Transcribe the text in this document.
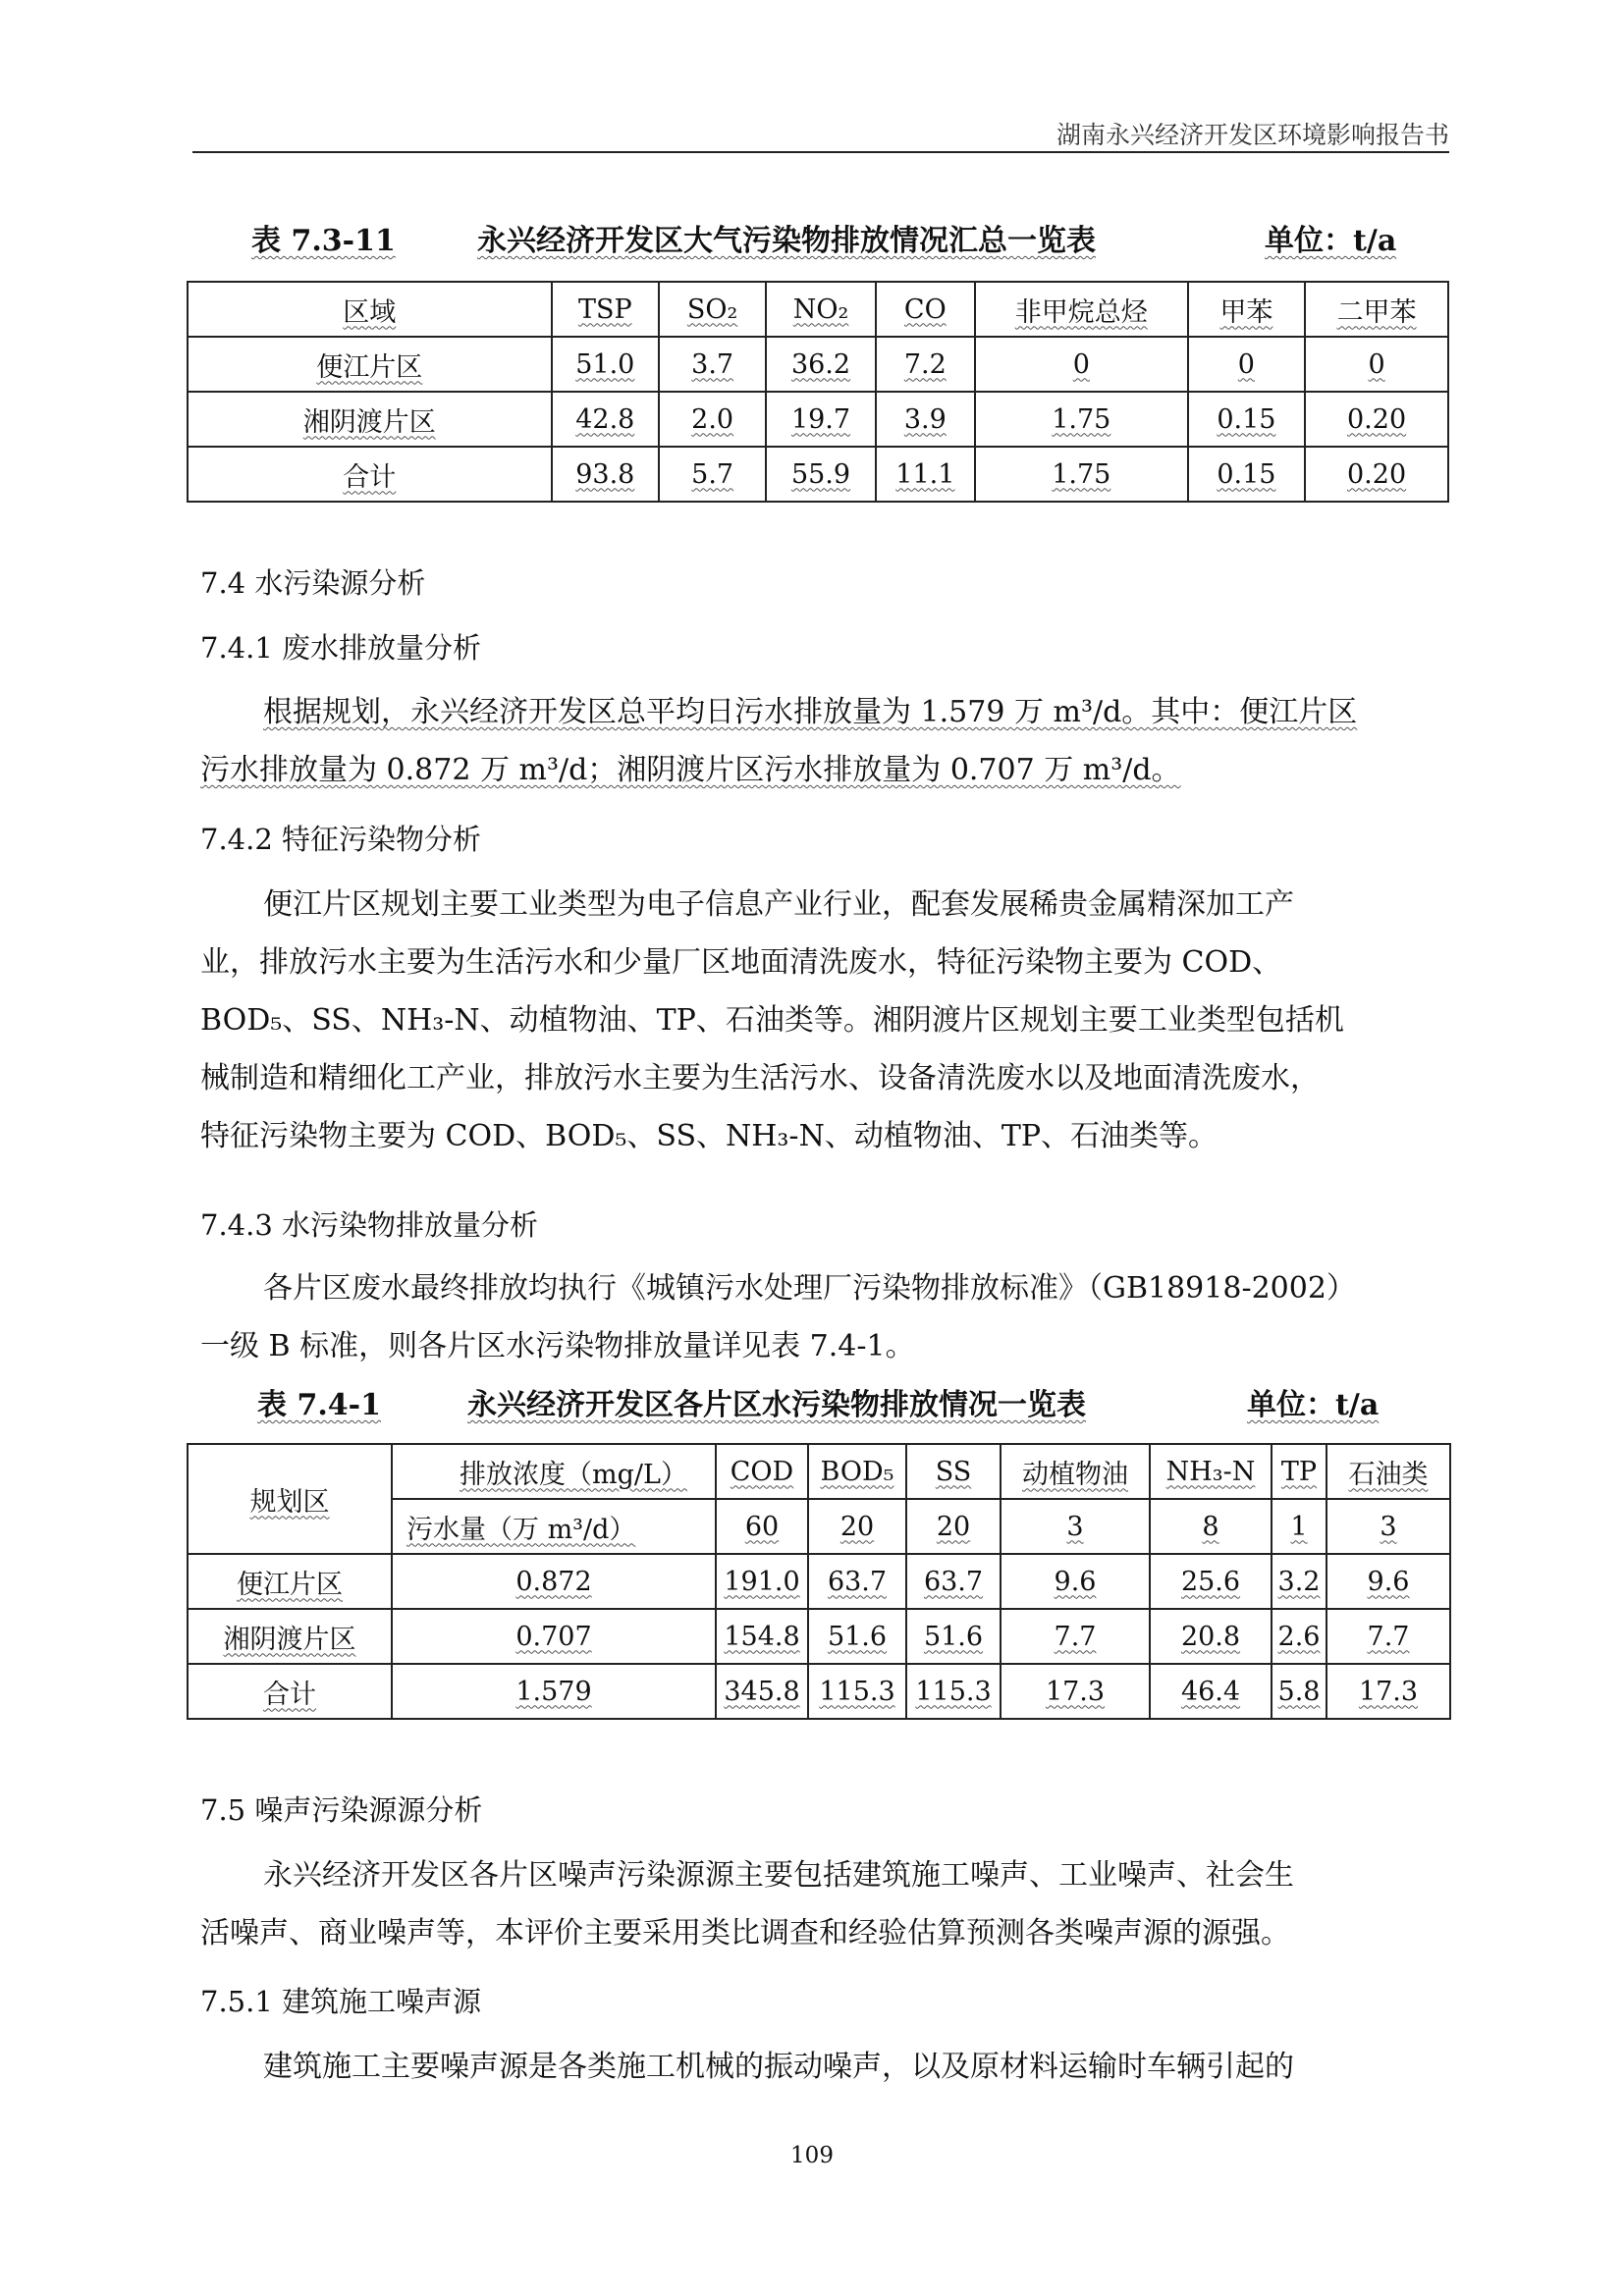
湖南永兴经济开发区环境影响报告书
表 7.3-11	永兴经济开发区大气污染物排放情况汇总一览表	单位：t/a
区域	TSP	SO₂	NO₂	CO	非甲烷总烃	甲苯	二甲苯
便江片区	51.0	3.7	36.2	7.2	0	0	0
湘阴渡片区	42.8	2.0	19.7	3.9	1.75	0.15	0.20
合计	93.8	5.7	55.9	11.1	1.75	0.15	0.20
7.4 水污染源分析
7.4.1 废水排放量分析
根据规划，永兴经济开发区总平均日污水排放量为 1.579 万 m³/d。其中：便江片区
污水排放量为 0.872 万 m³/d；湘阴渡片区污水排放量为 0.707 万 m³/d。
7.4.2 特征污染物分析
便江片区规划主要工业类型为电子信息产业行业，配套发展稀贵金属精深加工产
业，排放污水主要为生活污水和少量厂区地面清洗废水，特征污染物主要为 COD、
BOD₅、SS、NH₃-N、动植物油、TP、石油类等。湘阴渡片区规划主要工业类型包括机
械制造和精细化工产业，排放污水主要为生活污水、设备清洗废水以及地面清洗废水，
特征污染物主要为 COD、BOD₅、SS、NH₃-N、动植物油、TP、石油类等。
7.4.3 水污染物排放量分析
各片区废水最终排放均执行《城镇污水处理厂污染物排放标准》（GB18918-2002）
一级 B 标准，则各片区水污染物排放量详见表 7.4-1。
表 7.4-1	永兴经济开发区各片区水污染物排放情况一览表	单位：t/a
规划区	排放浓度（mg/L）	COD	BOD₅	SS	动植物油	NH₃-N	TP	石油类
	污水量（万 m³/d）	60	20	20	3	8	1	3
便江片区	0.872	191.0	63.7	63.7	9.6	25.6	3.2	9.6
湘阴渡片区	0.707	154.8	51.6	51.6	7.7	20.8	2.6	7.7
合计	1.579	345.8	115.3	115.3	17.3	46.4	5.8	17.3
7.5 噪声污染源源分析
永兴经济开发区各片区噪声污染源源主要包括建筑施工噪声、工业噪声、社会生
活噪声、商业噪声等，本评价主要采用类比调查和经验估算预测各类噪声源的源强。
7.5.1 建筑施工噪声源
建筑施工主要噪声源是各类施工机械的振动噪声，以及原材料运输时车辆引起的
109
